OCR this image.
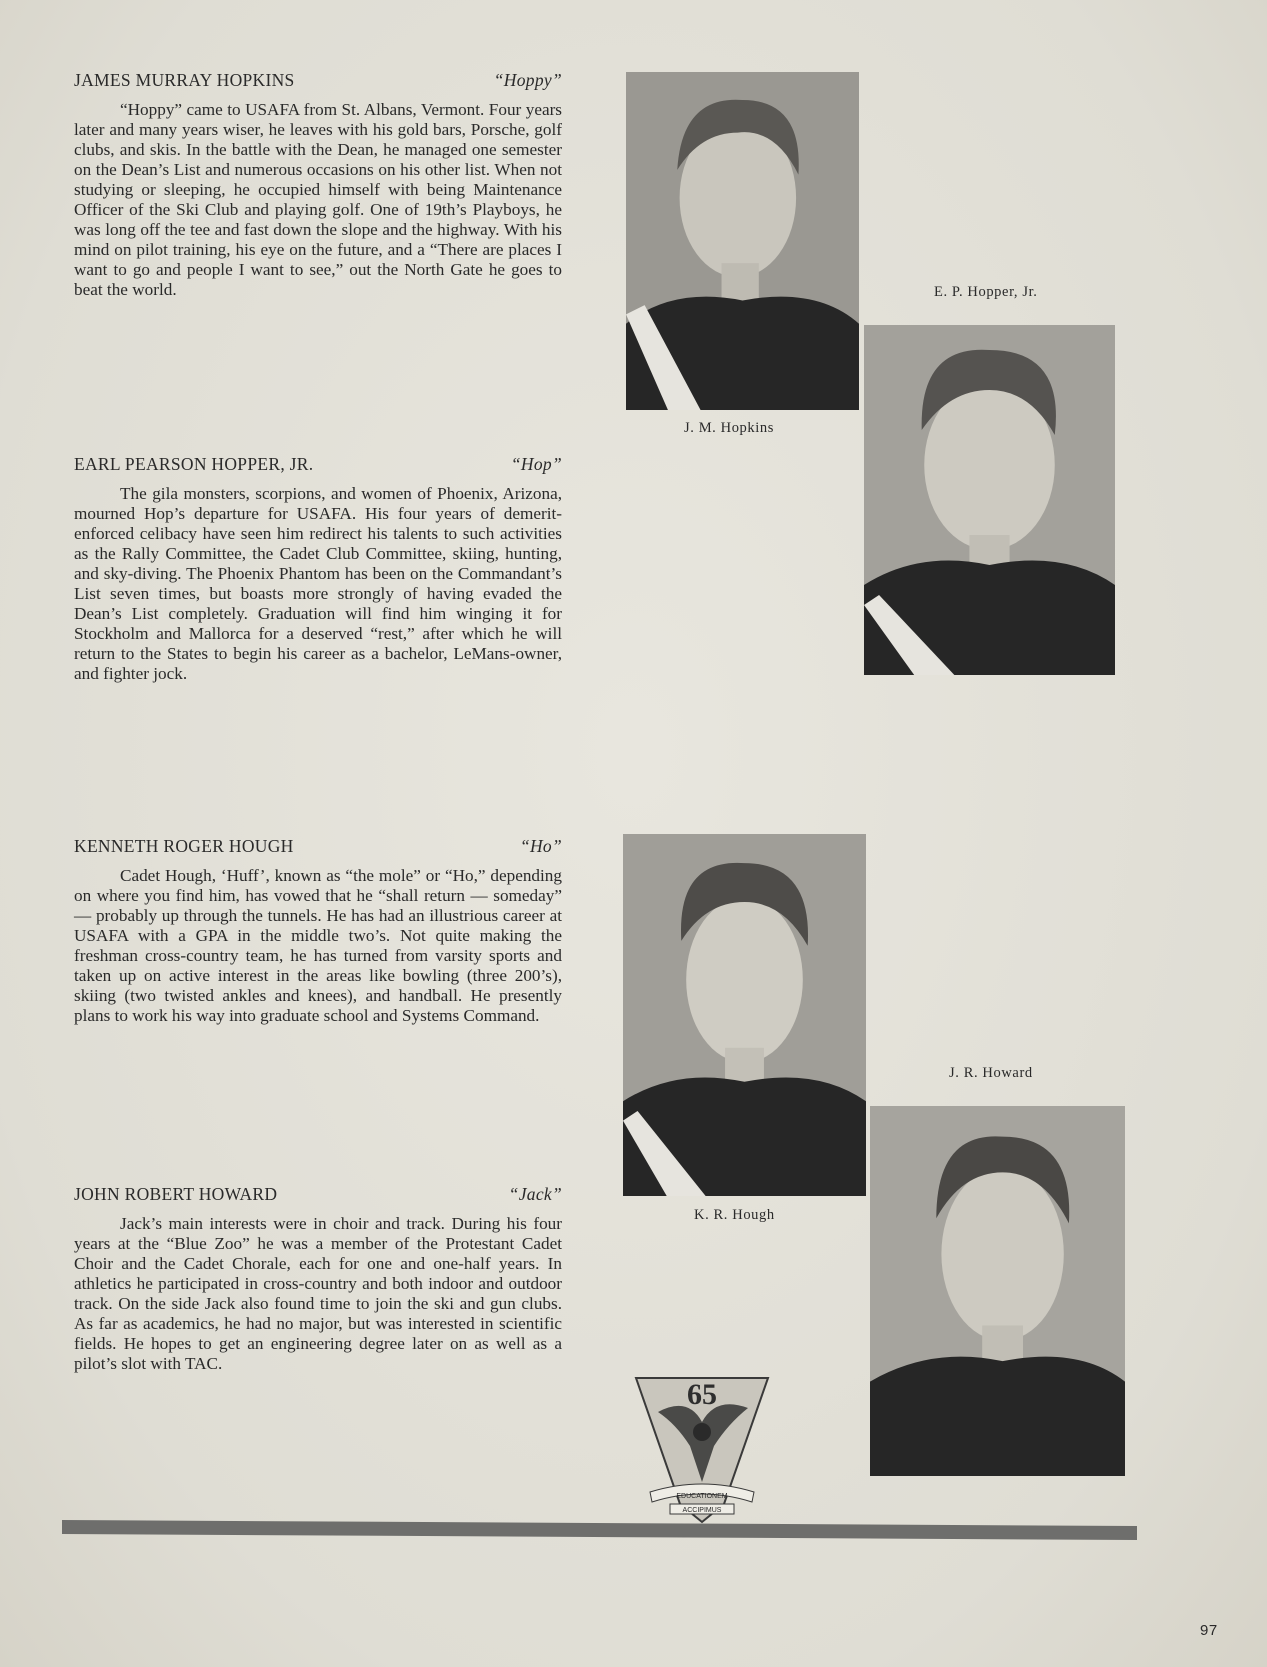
JAMES MURRAY HOPKINS	“Hoppy”

“Hoppy” came to USAFA from St. Albans, Vermont. Four years later and many years wiser, he leaves with his gold bars, Porsche, golf clubs, and skis. In the battle with the Dean, he managed one semester on the Dean’s List and numerous occasions on his other list. When not studying or sleeping, he occupied himself with being Maintenance Officer of the Ski Club and playing golf. One of 19th’s Playboys, he was long off the tee and fast down the slope and the highway. With his mind on pilot training, his eye on the future, and a “There are places I want to go and people I want to see,” out the North Gate he goes to beat the world.

EARL PEARSON HOPPER, JR.	“Hop”

The gila monsters, scorpions, and women of Phoenix, Arizona, mourned Hop’s departure for USAFA. His four years of demerit-enforced celibacy have seen him redirect his talents to such activities as the Rally Committee, the Cadet Club Committee, skiing, hunting, and sky-diving. The Phoenix Phantom has been on the Commandant’s List seven times, but boasts more strongly of having evaded the Dean’s List completely. Graduation will find him winging it for Stockholm and Mallorca for a deserved “rest,” after which he will return to the States to begin his career as a bachelor, LeMans-owner, and fighter jock.

KENNETH ROGER HOUGH	“Ho”

Cadet Hough, ‘Huff’, known as “the mole” or “Ho,” depending on where you find him, has vowed that he “shall return — someday” — probably up through the tunnels. He has had an illustrious career at USAFA with a GPA in the middle two’s. Not quite making the freshman cross-country team, he has turned from varsity sports and taken up on active interest in the areas like bowling (three 200’s), skiing (two twisted ankles and knees), and handball. He presently plans to work his way into graduate school and Systems Command.

JOHN ROBERT HOWARD	“Jack”

Jack’s main interests were in choir and track. During his four years at the “Blue Zoo” he was a member of the Protestant Cadet Choir and the Cadet Chorale, each for one and one-half years. In athletics he participated in cross-country and both indoor and outdoor track. On the side Jack also found time to join the ski and gun clubs. As far as academics, he had no major, but was interested in scientific fields. He hopes to get an engineering degree later on as well as a pilot’s slot with TAC.

J. M. Hopkins
E. P. Hopper, Jr.
K. R. Hough
J. R. Howard
65
EDUCATIONEM
ACCIPIMUS
97
